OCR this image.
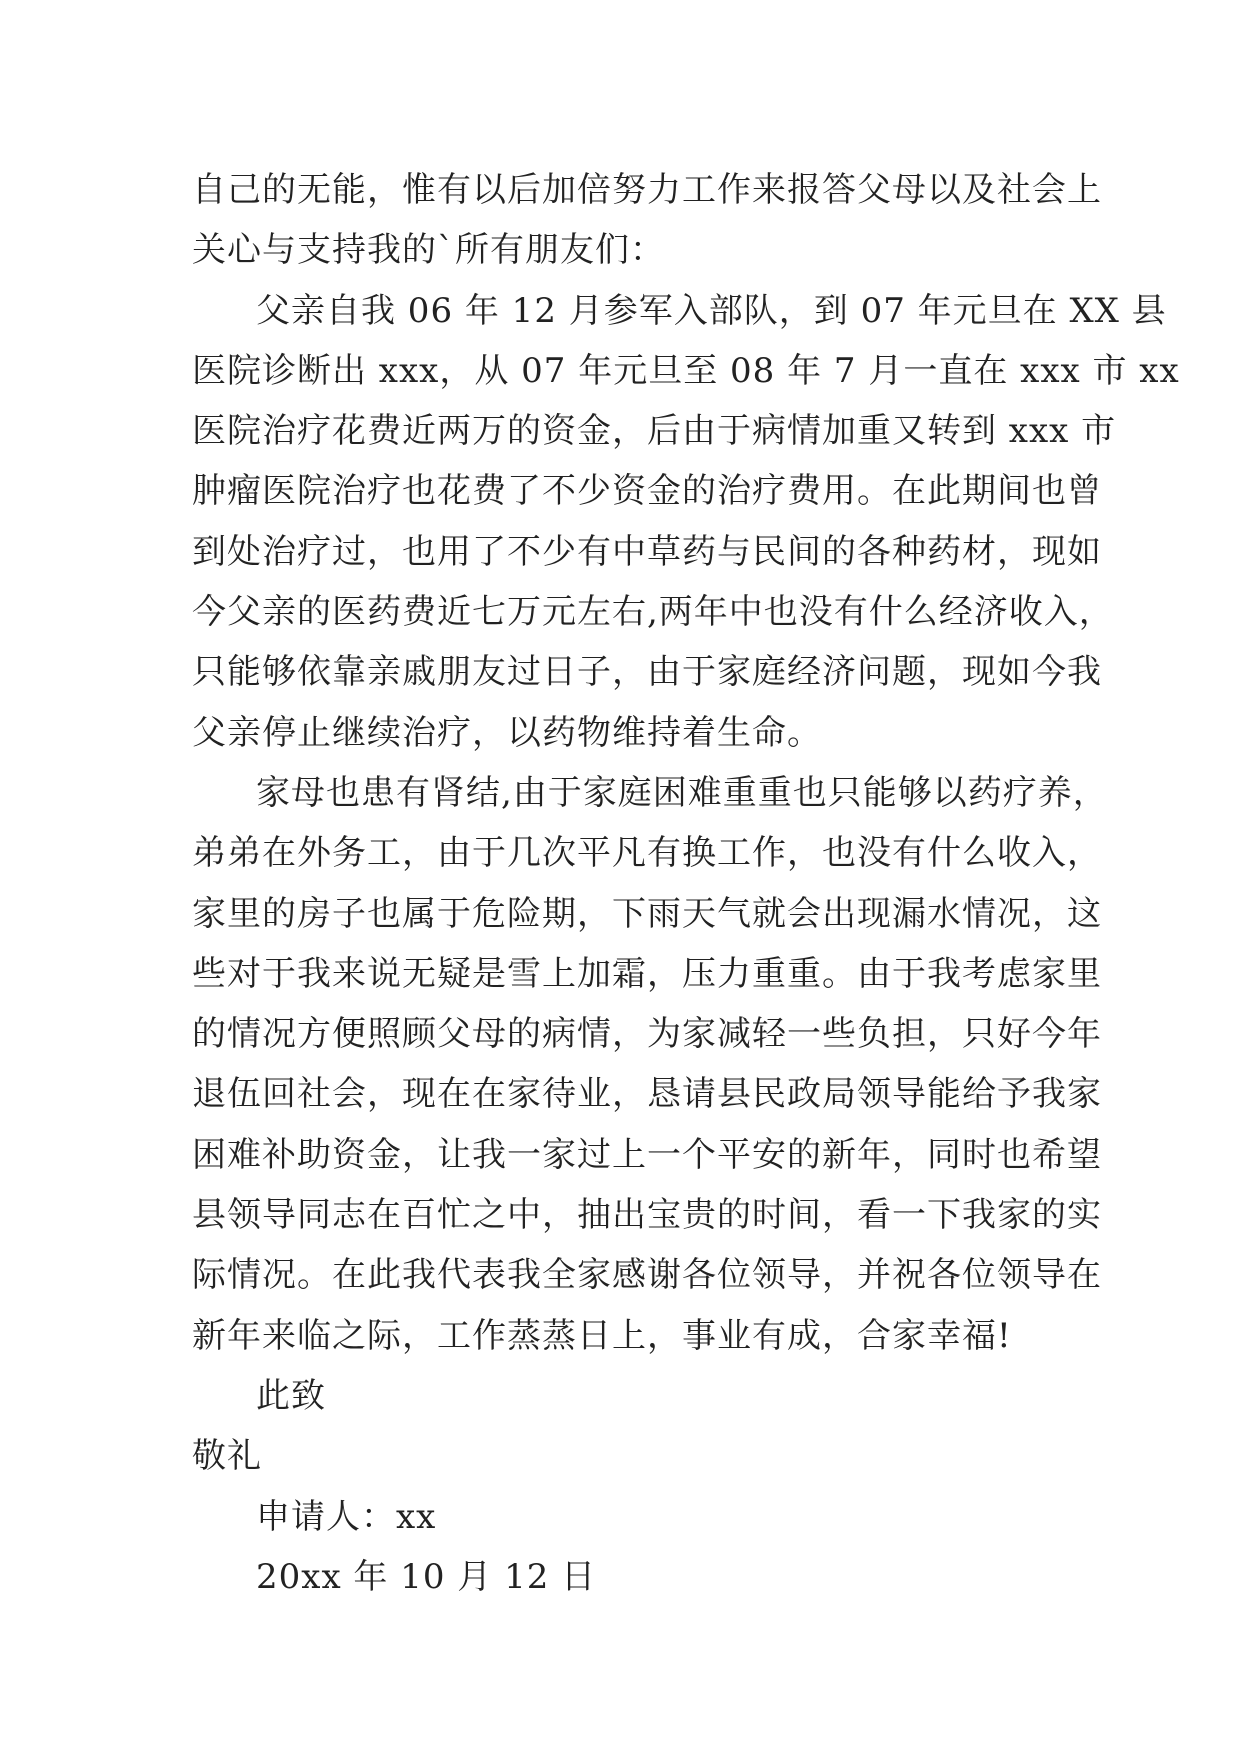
自己的无能，惟有以后加倍努力工作来报答父母以及社会上
关心与支持我的`所有朋友们：
父亲自我 06 年 12 月参军入部队，到 07 年元旦在 XX 县
医院诊断出 xxx，从 07 年元旦至 08 年 7 月一直在 xxx 市 xx
医院治疗花费近两万的资金，后由于病情加重又转到 xxx 市
肿瘤医院治疗也花费了不少资金的治疗费用。在此期间也曾
到处治疗过，也用了不少有中草药与民间的各种药材，现如
今父亲的医药费近七万元左右,两年中也没有什么经济收入，
只能够依靠亲戚朋友过日子，由于家庭经济问题，现如今我
父亲停止继续治疗，以药物维持着生命。
家母也患有肾结,由于家庭困难重重也只能够以药疗养，
弟弟在外务工，由于几次平凡有换工作，也没有什么收入，
家里的房子也属于危险期，下雨天气就会出现漏水情况，这
些对于我来说无疑是雪上加霜，压力重重。由于我考虑家里
的情况方便照顾父母的病情，为家减轻一些负担，只好今年
退伍回社会，现在在家待业，恳请县民政局领导能给予我家
困难补助资金，让我一家过上一个平安的新年，同时也希望
县领导同志在百忙之中，抽出宝贵的时间，看一下我家的实
际情况。在此我代表我全家感谢各位领导，并祝各位领导在
新年来临之际，工作蒸蒸日上，事业有成，合家幸福!
此致
敬礼
申请人：xx
20xx 年 10 月 12 日
